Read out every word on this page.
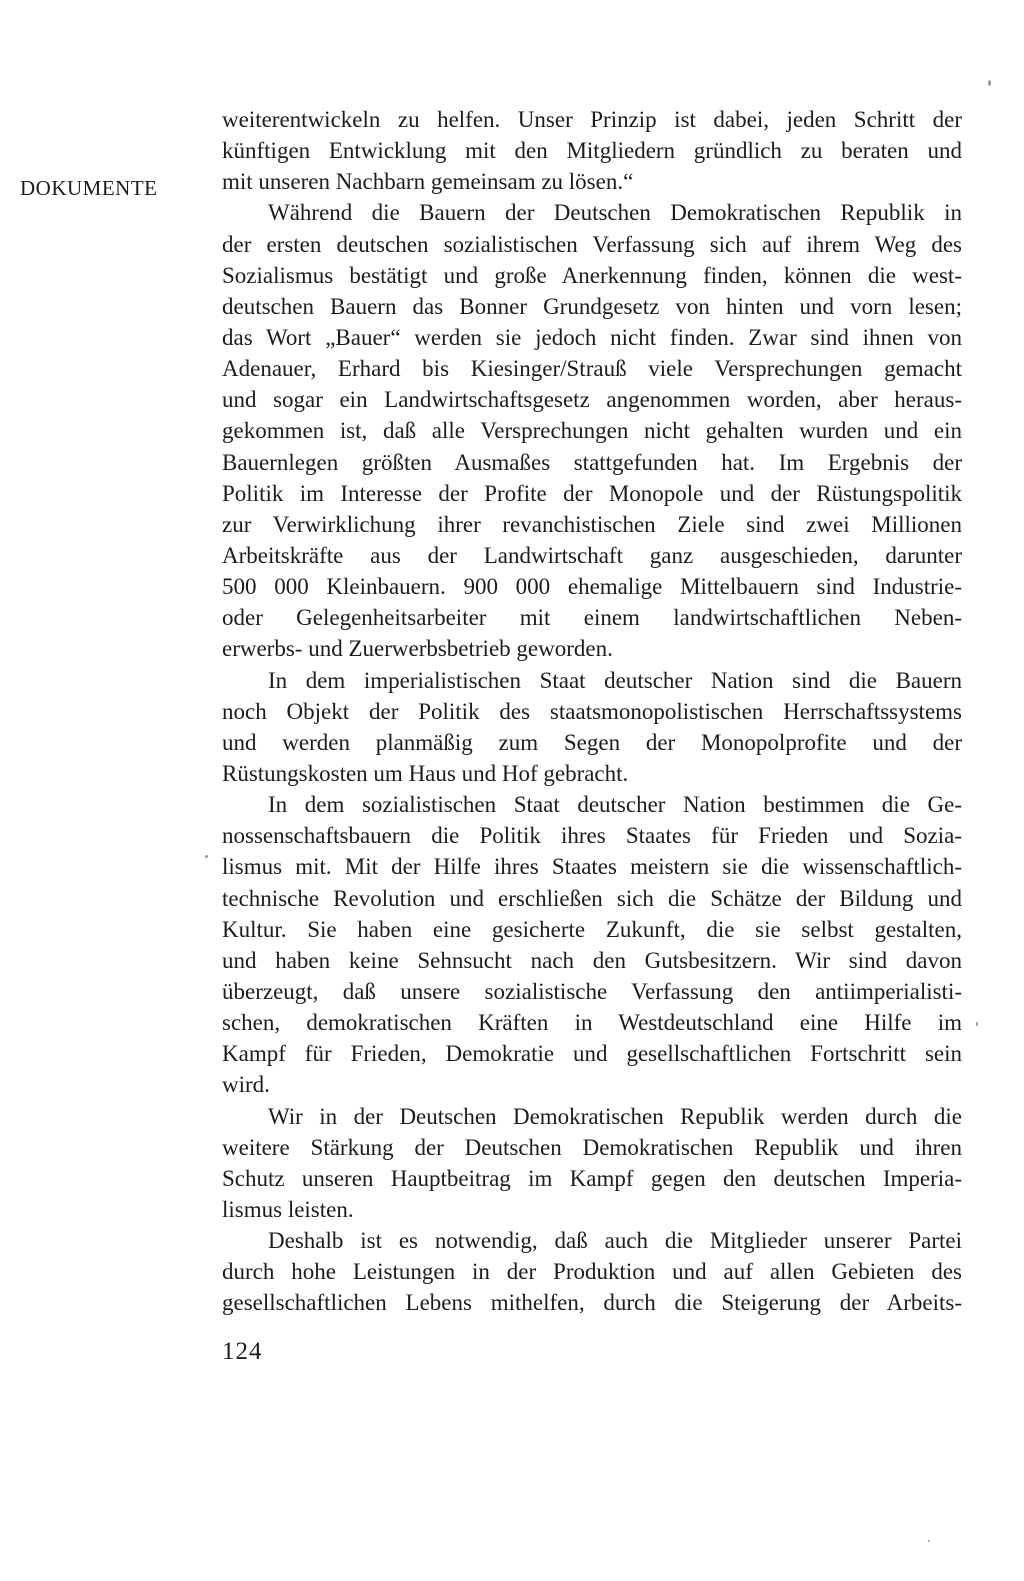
DOKUMENTE
weiterentwickeln zu helfen. Unser Prinzip ist dabei, jeden Schritt der
künftigen Entwicklung mit den Mitgliedern gründlich zu beraten und
mit unseren Nachbarn gemeinsam zu lösen.“
Während die Bauern der Deutschen Demokratischen Republik in
der ersten deutschen sozialistischen Verfassung sich auf ihrem Weg des
Sozialismus bestätigt und große Anerkennung finden, können die west-
deutschen Bauern das Bonner Grundgesetz von hinten und vorn lesen;
das Wort „Bauer“ werden sie jedoch nicht finden. Zwar sind ihnen von
Adenauer, Erhard bis Kiesinger/Strauß viele Versprechungen gemacht
und sogar ein Landwirtschaftsgesetz angenommen worden, aber heraus-
gekommen ist, daß alle Versprechungen nicht gehalten wurden und ein
Bauernlegen größten Ausmaßes stattgefunden hat. Im Ergebnis der
Politik im Interesse der Profite der Monopole und der Rüstungspolitik
zur Verwirklichung ihrer revanchistischen Ziele sind zwei Millionen
Arbeitskräfte aus der Landwirtschaft ganz ausgeschieden, darunter
500 000 Kleinbauern. 900 000 ehemalige Mittelbauern sind Industrie-
oder Gelegenheitsarbeiter mit einem landwirtschaftlichen Neben-
erwerbs- und Zuerwerbsbetrieb geworden.
In dem imperialistischen Staat deutscher Nation sind die Bauern
noch Objekt der Politik des staatsmonopolistischen Herrschaftssystems
und werden planmäßig zum Segen der Monopolprofite und der
Rüstungskosten um Haus und Hof gebracht.
In dem sozialistischen Staat deutscher Nation bestimmen die Ge-
nossenschaftsbauern die Politik ihres Staates für Frieden und Sozia-
lismus mit. Mit der Hilfe ihres Staates meistern sie die wissenschaftlich-
technische Revolution und erschließen sich die Schätze der Bildung und
Kultur. Sie haben eine gesicherte Zukunft, die sie selbst gestalten,
und haben keine Sehnsucht nach den Gutsbesitzern. Wir sind davon
überzeugt, daß unsere sozialistische Verfassung den antiimperialisti-
schen, demokratischen Kräften in Westdeutschland eine Hilfe im
Kampf für Frieden, Demokratie und gesellschaftlichen Fortschritt sein
wird.
Wir in der Deutschen Demokratischen Republik werden durch die
weitere Stärkung der Deutschen Demokratischen Republik und ihren
Schutz unseren Hauptbeitrag im Kampf gegen den deutschen Imperia-
lismus leisten.
Deshalb ist es notwendig, daß auch die Mitglieder unserer Partei
durch hohe Leistungen in der Produktion und auf allen Gebieten des
gesellschaftlichen Lebens mithelfen, durch die Steigerung der Arbeits-
124
